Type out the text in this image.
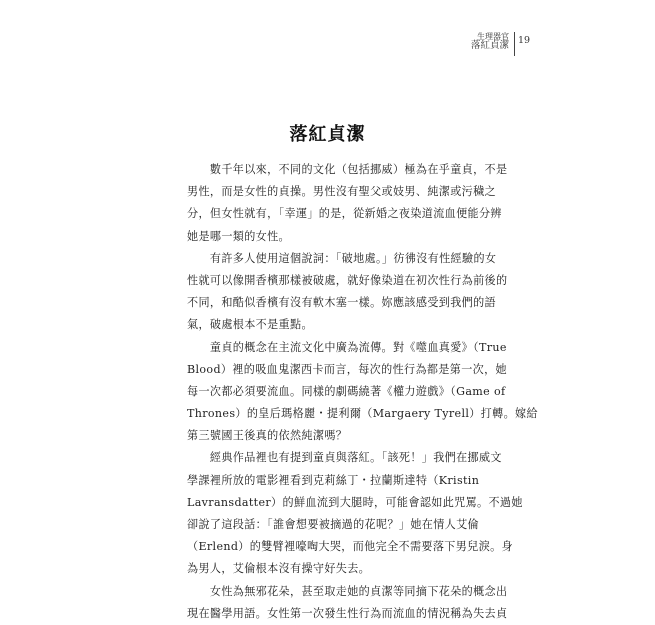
生理器官
落紅貞潔 19
落紅貞潔
　　數千年以來，不同的文化（包括挪威）極為在乎童貞，不是
男性，而是女性的貞操。男性沒有聖父或妓男、純潔或污穢之
分，但女性就有，「幸運」的是，從新婚之夜染道流血便能分辨
她是哪一類的女性。
　　有許多人使用這個說詞：「破地處。」彷彿沒有性經驗的女
性就可以像開香檳那樣被破處，就好像染道在初次性行為前後的
不同，和酷似香檳有沒有軟木塞一樣。妳應該感受到我們的語
氣，破處根本不是重點。
　　童貞的概念在主流文化中廣為流傳。對《噬血真愛》（True
Blood）裡的吸血鬼潔西卡而言，每次的性行為都是第一次，她
每一次都必須要流血。同樣的劇碼繞著《權力遊戲》（Game of
Thrones）的皇后瑪格麗・提利爾（Margaery Tyrell）打轉。嫁給
第三號國王後真的依然純潔嗎？
　　經典作品裡也有提到童貞與落紅。「該死！」我們在挪威文
學課裡所放的電影裡看到克莉絲丁・拉蘭斯達特（Kristin
Lavransdatter）的鮮血流到大腿時，可能會認如此咒罵。不過她
卻說了這段話：「誰會想要被摘過的花呢？」她在情人艾倫
（Erlend）的雙臂裡嚎啕大哭，而他完全不需要落下男兒淚。身
為男人，艾倫根本沒有操守好失去。
　　女性為無邪花朵，甚至取走她的貞潔等同摘下花朵的概念出
現在醫學用語。女性第一次發生性行為而流血的情況稱為失去貞
